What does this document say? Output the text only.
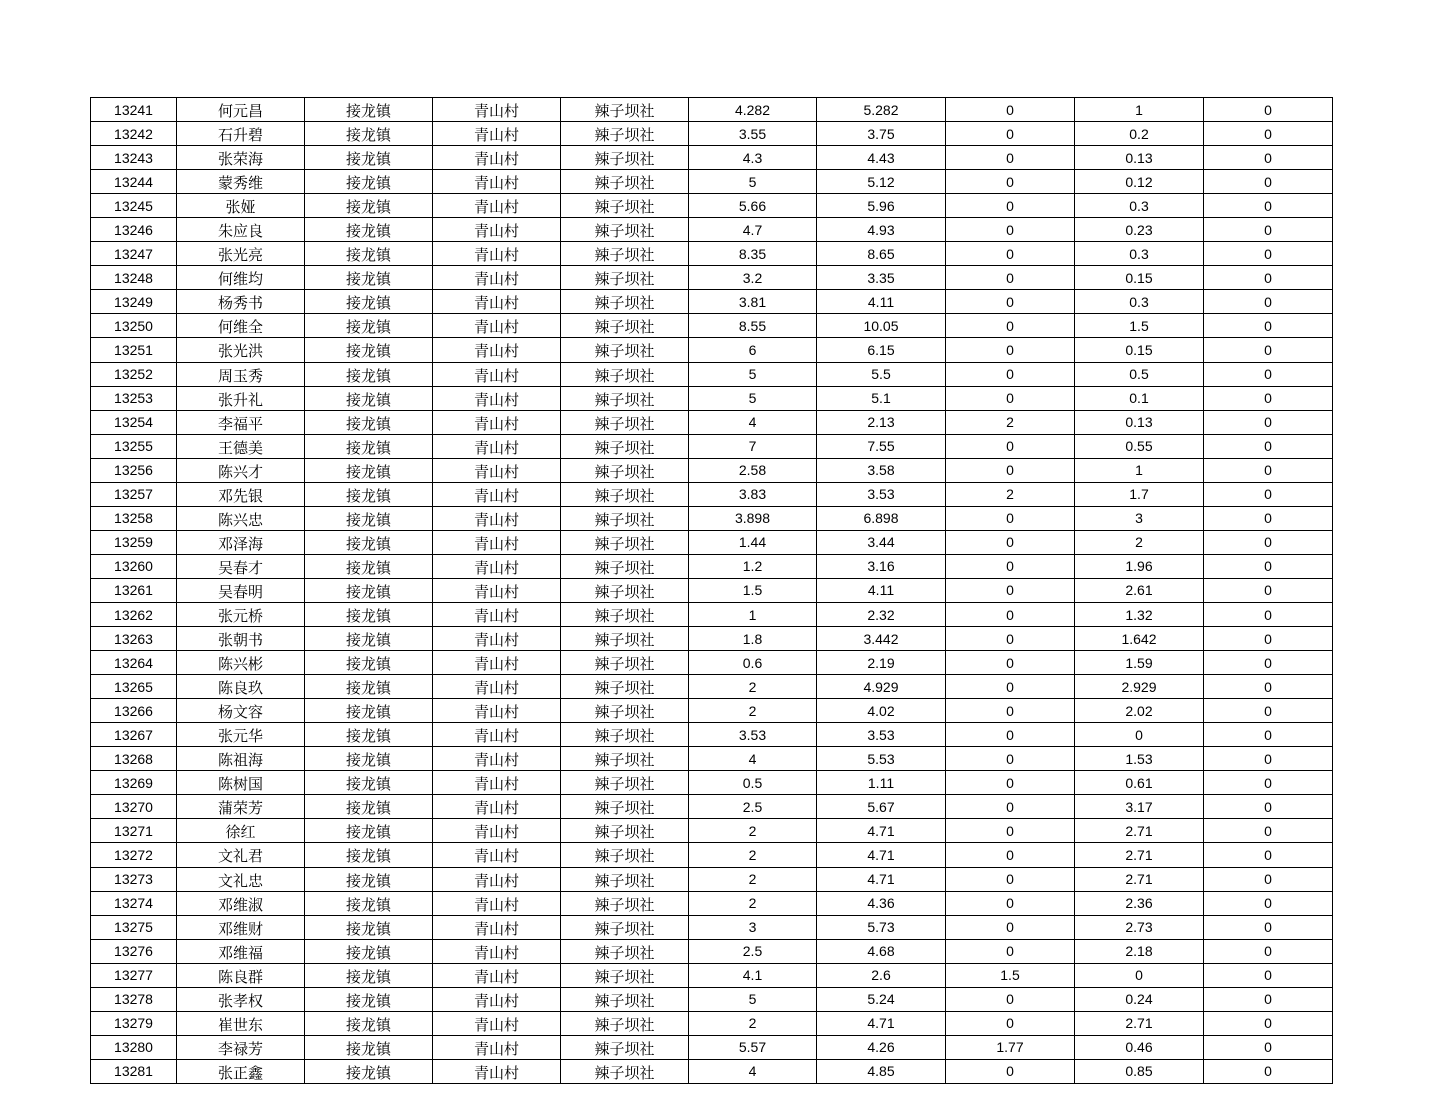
13241	何元昌	接龙镇	青山村	辣子坝社	4.282	5.282	0	1	0
13242	石升碧	接龙镇	青山村	辣子坝社	3.55	3.75	0	0.2	0
13243	张荣海	接龙镇	青山村	辣子坝社	4.3	4.43	0	0.13	0
13244	蒙秀维	接龙镇	青山村	辣子坝社	5	5.12	0	0.12	0
13245	张娅	接龙镇	青山村	辣子坝社	5.66	5.96	0	0.3	0
13246	朱应良	接龙镇	青山村	辣子坝社	4.7	4.93	0	0.23	0
13247	张光亮	接龙镇	青山村	辣子坝社	8.35	8.65	0	0.3	0
13248	何维均	接龙镇	青山村	辣子坝社	3.2	3.35	0	0.15	0
13249	杨秀书	接龙镇	青山村	辣子坝社	3.81	4.11	0	0.3	0
13250	何维全	接龙镇	青山村	辣子坝社	8.55	10.05	0	1.5	0
13251	张光洪	接龙镇	青山村	辣子坝社	6	6.15	0	0.15	0
13252	周玉秀	接龙镇	青山村	辣子坝社	5	5.5	0	0.5	0
13253	张升礼	接龙镇	青山村	辣子坝社	5	5.1	0	0.1	0
13254	李福平	接龙镇	青山村	辣子坝社	4	2.13	2	0.13	0
13255	王德美	接龙镇	青山村	辣子坝社	7	7.55	0	0.55	0
13256	陈兴才	接龙镇	青山村	辣子坝社	2.58	3.58	0	1	0
13257	邓先银	接龙镇	青山村	辣子坝社	3.83	3.53	2	1.7	0
13258	陈兴忠	接龙镇	青山村	辣子坝社	3.898	6.898	0	3	0
13259	邓泽海	接龙镇	青山村	辣子坝社	1.44	3.44	0	2	0
13260	吴春才	接龙镇	青山村	辣子坝社	1.2	3.16	0	1.96	0
13261	吴春明	接龙镇	青山村	辣子坝社	1.5	4.11	0	2.61	0
13262	张元桥	接龙镇	青山村	辣子坝社	1	2.32	0	1.32	0
13263	张朝书	接龙镇	青山村	辣子坝社	1.8	3.442	0	1.642	0
13264	陈兴彬	接龙镇	青山村	辣子坝社	0.6	2.19	0	1.59	0
13265	陈良玖	接龙镇	青山村	辣子坝社	2	4.929	0	2.929	0
13266	杨文容	接龙镇	青山村	辣子坝社	2	4.02	0	2.02	0
13267	张元华	接龙镇	青山村	辣子坝社	3.53	3.53	0	0	0
13268	陈祖海	接龙镇	青山村	辣子坝社	4	5.53	0	1.53	0
13269	陈树国	接龙镇	青山村	辣子坝社	0.5	1.11	0	0.61	0
13270	蒲荣芳	接龙镇	青山村	辣子坝社	2.5	5.67	0	3.17	0
13271	徐红	接龙镇	青山村	辣子坝社	2	4.71	0	2.71	0
13272	文礼君	接龙镇	青山村	辣子坝社	2	4.71	0	2.71	0
13273	文礼忠	接龙镇	青山村	辣子坝社	2	4.71	0	2.71	0
13274	邓维淑	接龙镇	青山村	辣子坝社	2	4.36	0	2.36	0
13275	邓维财	接龙镇	青山村	辣子坝社	3	5.73	0	2.73	0
13276	邓维福	接龙镇	青山村	辣子坝社	2.5	4.68	0	2.18	0
13277	陈良群	接龙镇	青山村	辣子坝社	4.1	2.6	1.5	0	0
13278	张孝权	接龙镇	青山村	辣子坝社	5	5.24	0	0.24	0
13279	崔世东	接龙镇	青山村	辣子坝社	2	4.71	0	2.71	0
13280	李禄芳	接龙镇	青山村	辣子坝社	5.57	4.26	1.77	0.46	0
13281	张正鑫	接龙镇	青山村	辣子坝社	4	4.85	0	0.85	0
